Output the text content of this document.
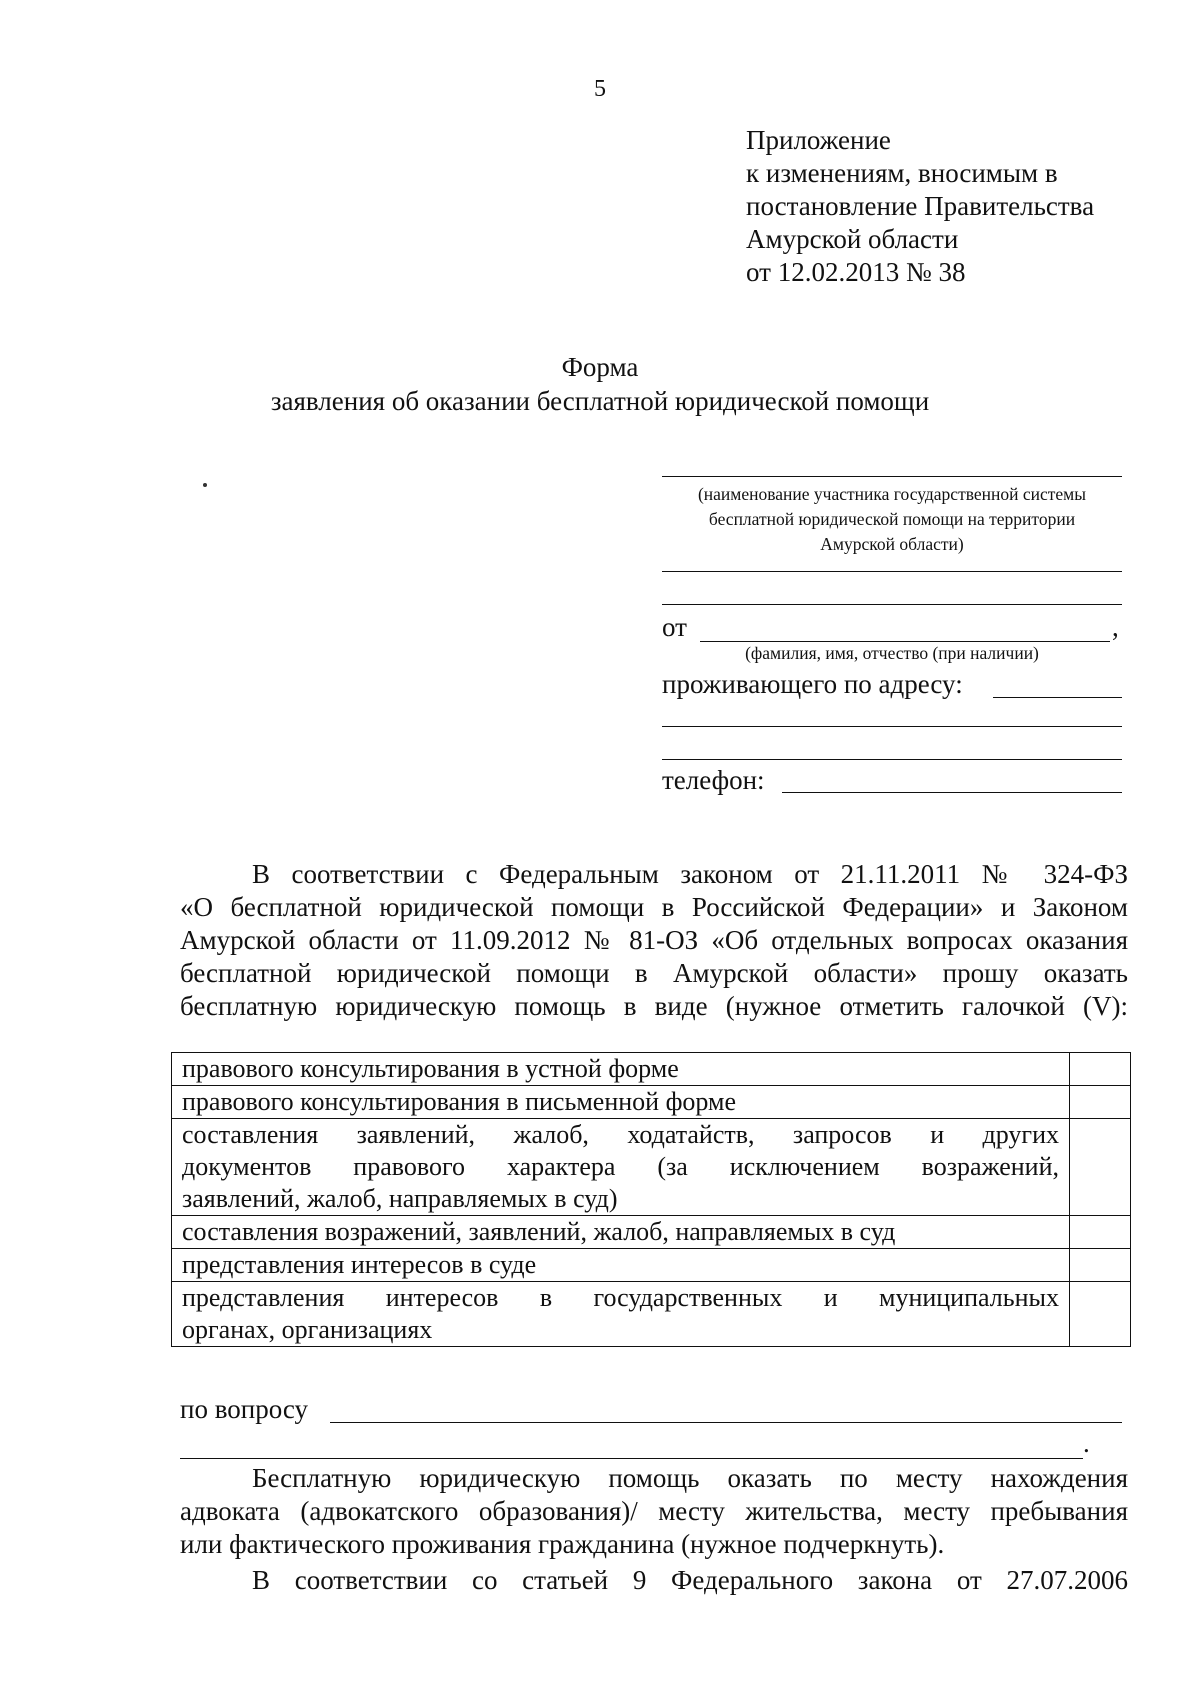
5
Приложение
к изменениям, вносимым в
постановление Правительства
Амурской области
от 12.02.2013 № 38
Форма
заявления об оказании бесплатной юридической помощи
(наименование участника государственной системы
бесплатной юридической помощи на территории
Амурской области)
от	,
(фамилия, имя, отчество (при наличии)
проживающего по адресу:
телефон:
В соответствии с Федеральным законом от 21.11.2011 № 324-ФЗ
«О бесплатной юридической помощи в Российской Федерации» и Законом
Амурской области от 11.09.2012 № 81-ОЗ «Об отдельных вопросах оказания
бесплатной юридической помощи в Амурской области» прошу оказать
бесплатную юридическую помощь в виде (нужное отметить галочкой (V):
правового консультирования в устной форме	

правового консультирования в письменной форме	

составления заявлений, жалоб, ходатайств, запросов и других
документов правового характера (за исключением возражений,
заявлений, жалоб, направляемых в суд)	

составления возражений, заявлений, жалоб, направляемых в суд	

представления интересов в суде	

представления интересов в государственных и муниципальных
органах, организациях	

по вопросу
.
Бесплатную юридическую помощь оказать по месту нахождения
адвоката (адвокатского образования)/ месту жительства, месту пребывания
или фактического проживания гражданина (нужное подчеркнуть).
В соответствии со статьей 9 Федерального закона от 27.07.2006
